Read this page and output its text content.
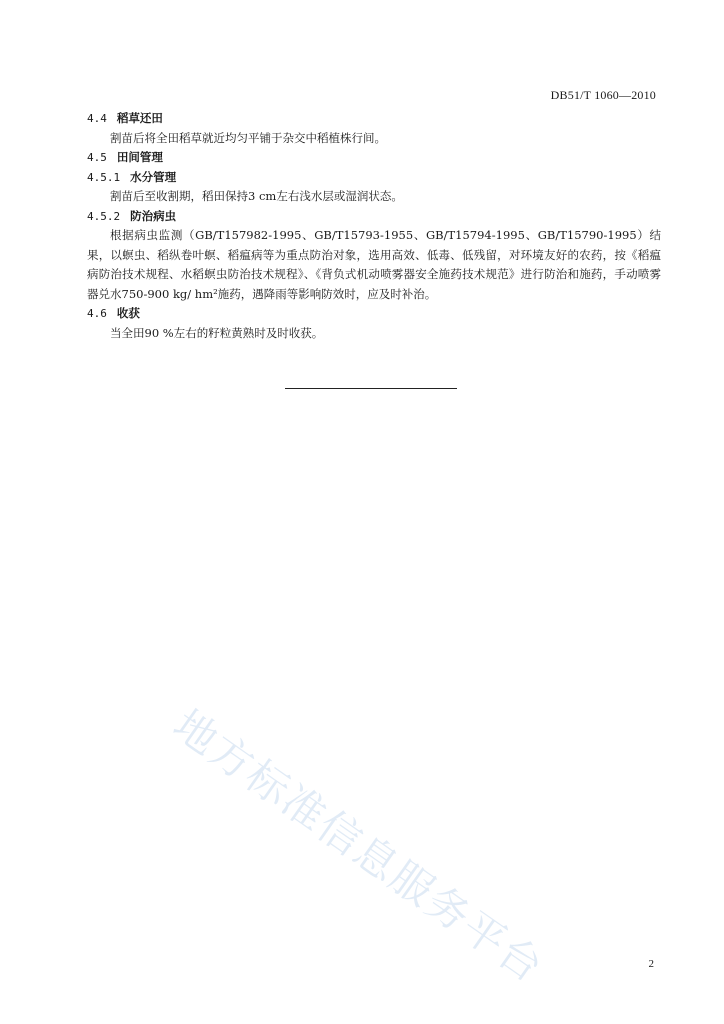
DB51/T 1060—2010
4.4 稻草还田

割苗后将全田稻草就近均匀平铺于杂交中稻植株行间。

4.5 田间管理
4.5.1 水分管理

割苗后至收割期，稻田保持3 cm左右浅水层或湿润状态。

4.5.2 防治病虫

根据病虫监测（GB/T157982-1995、GB/T15793-1955、GB/T15794-1995、GB/T15790-1995）结果，以螟虫、稻纵卷叶螟、稻瘟病等为重点防治对象，选用高效、低毒、低残留，对环境友好的农药，按《稻瘟病防治技术规程、水稻螟虫防治技术规程》、《背负式机动喷雾器安全施药技术规范》进行防治和施药，手动喷雾器兑水750-900 kg/ hm²施药，遇降雨等影响防效时，应及时补治。

4.6 收获

当全田90 %左右的籽粒黄熟时及时收获。

地方标准信息服务平台	2
